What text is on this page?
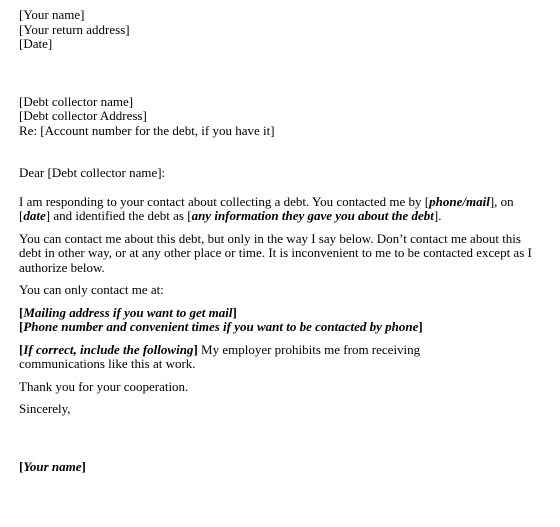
[Your name]
[Your return address]
[Date]
[Debt collector name]
[Debt collector Address]
Re: [Account number for the debt, if you have it]

Dear [Debt collector name]:

I am responding to your contact about collecting a debt. You contacted me by [phone/mail], on [date] and identified the debt as [any information they gave you about the debt].

You can contact me about this debt, but only in the way I say below. Don’t contact me about this debt in other way, or at any other place or time. It is inconvenient to me to be contacted except as I authorize below.

You can only contact me at:

[Mailing address if you want to get mail]
[Phone number and convenient times if you want to be contacted by phone]

[If correct, include the following] My employer prohibits me from receiving communications like this at work.

Thank you for your cooperation.

Sincerely,

[Your name]
